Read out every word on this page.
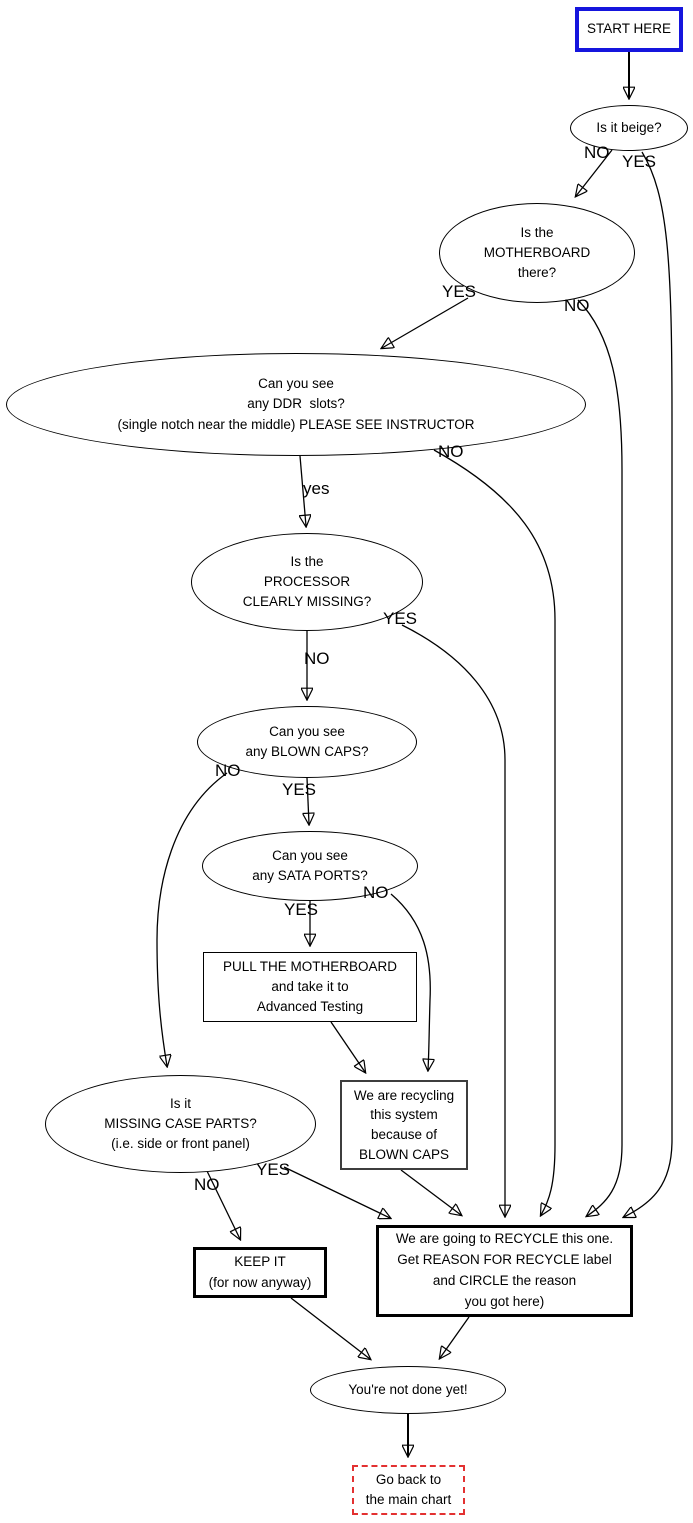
START HERE
Is it beige?
Is the
MOTHERBOARD
there?
Can you see
any DDR  slots?
(single notch near the middle) PLEASE SEE INSTRUCTOR
Is the
PROCESSOR
CLEARLY MISSING?
Can you see
any BLOWN CAPS?
Can you see
any SATA PORTS?
PULL THE MOTHERBOARD
and take it to
Advanced Testing
Is it
MISSING CASE PARTS?
(i.e. side or front panel)
We are recycling
this system
because of
BLOWN CAPS
KEEP IT
(for now anyway)
We are going to RECYCLE this one.
Get REASON FOR RECYCLE label
and CIRCLE the reason
you got here)
You're not done yet!
Go back to
the main chart
NO YES
YES
NO
yes
NO
YES
NO
NO
YES
YES
NO
NO
YES
